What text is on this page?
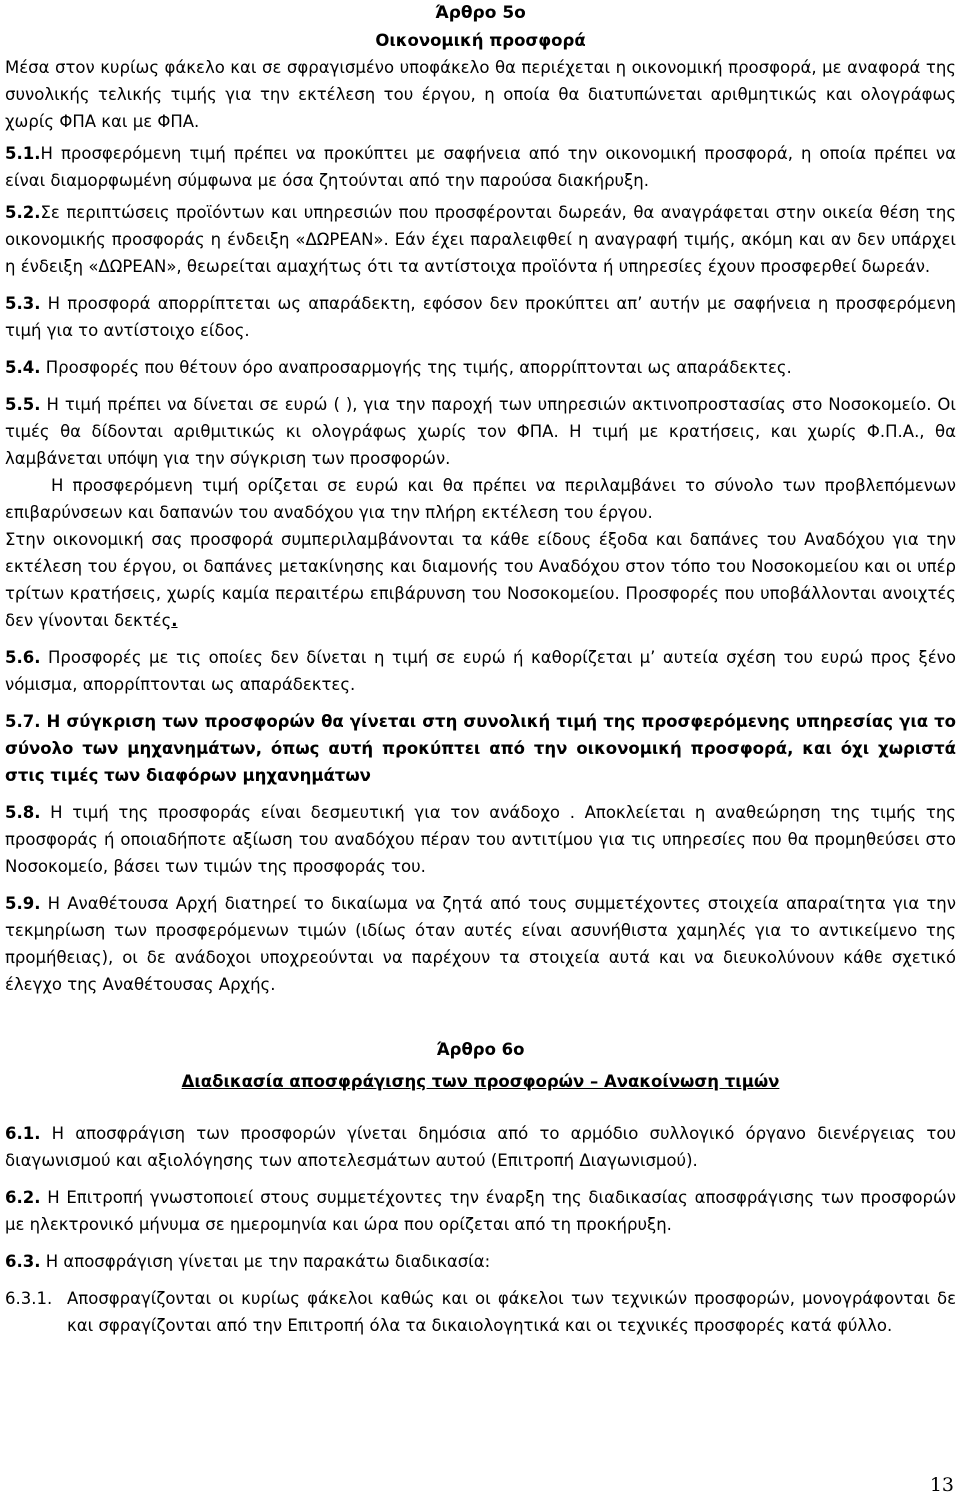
Άρθρο 5ο
Οικονομική προσφορά

Μέσα στον κυρίως φάκελο και σε σφραγισμένο υποφάκελο θα περιέχεται η οικονομική προσφορά, με αναφορά της συνολικής τελικής τιμής για την εκτέλεση του έργου, η οποία θα διατυπώνεται αριθμητικώς και ολογράφως χωρίς ΦΠΑ και με ΦΠΑ.

5.1.Η προσφερόμενη τιμή πρέπει να προκύπτει με σαφήνεια από την οικονομική προσφορά, η οποία πρέπει να είναι διαμορφωμένη σύμφωνα με όσα ζητούνται από την παρούσα διακήρυξη.

5.2.Σε περιπτώσεις προϊόντων και υπηρεσιών που προσφέρονται δωρεάν, θα αναγράφεται στην οικεία θέση της οικονομικής προσφοράς η ένδειξη «ΔΩΡΕΑΝ». Εάν έχει παραλειφθεί η αναγραφή τιμής, ακόμη και αν δεν υπάρχει η ένδειξη «ΔΩΡΕΑΝ», θεωρείται αμαχήτως ότι τα αντίστοιχα προϊόντα ή υπηρεσίες έχουν προσφερθεί δωρεάν.

5.3. Η προσφορά απορρίπτεται ως απαράδεκτη, εφόσον δεν προκύπτει απ’ αυτήν με σαφήνεια η προσφερόμενη τιμή για το αντίστοιχο είδος.

5.4. Προσφορές που θέτουν όρο αναπροσαρμογής της τιμής, απορρίπτονται ως απαράδεκτες.

5.5. Η τιμή πρέπει να δίνεται σε ευρώ ( ), για την παροχή των υπηρεσιών ακτινοπροστασίας στο Νοσοκομείο. Οι τιμές θα δίδονται αριθμιτικώς κι ολογράφως χωρίς τον ΦΠΑ. Η τιμή με κρατήσεις, και χωρίς Φ.Π.Α., θα λαμβάνεται υπόψη για την σύγκριση των προσφορών.

Η προσφερόμενη τιμή ορίζεται σε ευρώ και θα πρέπει να περιλαμβάνει το σύνολο των προβλεπόμενων επιβαρύνσεων και δαπανών του αναδόχου για την πλήρη εκτέλεση του έργου.

Στην οικονομική σας προσφορά συμπεριλαμβάνονται τα κάθε είδους έξοδα και δαπάνες του Αναδόχου για την εκτέλεση του έργου, οι δαπάνες μετακίνησης και διαμονής του Αναδόχου στον τόπο του Νοσοκομείου και οι υπέρ τρίτων κρατήσεις, χωρίς καμία περαιτέρω επιβάρυνση του Νοσοκομείου. Προσφορές που υποβάλλονται ανοιχτές δεν γίνονται δεκτές.

5.6. Προσφορές με τις οποίες δεν δίνεται η τιμή σε ευρώ ή καθορίζεται μ’ αυτεία σχέση του ευρώ προς ξένο νόμισμα, απορρίπτονται ως απαράδεκτες.

5.7. Η σύγκριση των προσφορών θα γίνεται στη συνολική τιμή της προσφερόμενης υπηρεσίας για το σύνολο των μηχανημάτων, όπως αυτή προκύπτει από την οικονομική προσφορά, και όχι χωριστά στις τιμές των διαφόρων μηχανημάτων

5.8. Η τιμή της προσφοράς είναι δεσμευτική για τον ανάδοχο . Αποκλείεται η αναθεώρηση της τιμής της προσφοράς ή οποιαδήποτε αξίωση του αναδόχου πέραν του αντιτίμου για τις υπηρεσίες που θα προμηθεύσει στο Νοσοκομείο, βάσει των τιμών της προσφοράς του.

5.9. Η Αναθέτουσα Αρχή διατηρεί το δικαίωμα να ζητά από τους συμμετέχοντες στοιχεία απαραίτητα για την τεκμηρίωση των προσφερόμενων τιμών (ιδίως όταν αυτές είναι ασυνήθιστα χαμηλές για το αντικείμενο της προμήθειας), οι δε ανάδοχοι υποχρεούνται να παρέχουν τα στοιχεία αυτά και να διευκολύνουν κάθε σχετικό έλεγχο της Αναθέτουσας Αρχής.

Άρθρο 6ο
Διαδικασία αποσφράγισης των προσφορών – Ανακοίνωση τιμών

6.1. Η αποσφράγιση των προσφορών γίνεται δημόσια από το αρμόδιο συλλογικό όργανο διενέργειας του διαγωνισμού και αξιολόγησης των αποτελεσμάτων αυτού (Επιτροπή Διαγωνισμού).

6.2. Η Επιτροπή γνωστοποιεί στους συμμετέχοντες την έναρξη της διαδικασίας αποσφράγισης των προσφορών με ηλεκτρονικό μήνυμα σε ημερομηνία και ώρα που ορίζεται από τη προκήρυξη.

6.3. Η αποσφράγιση γίνεται με την παρακάτω διαδικασία:

6.3.1. Αποσφραγίζονται οι κυρίως φάκελοι καθώς και οι φάκελοι των τεχνικών προσφορών, μονογράφονται δε και σφραγίζονται από την Επιτροπή όλα τα δικαιολογητικά και οι τεχνικές προσφορές κατά φύλλο.
13
